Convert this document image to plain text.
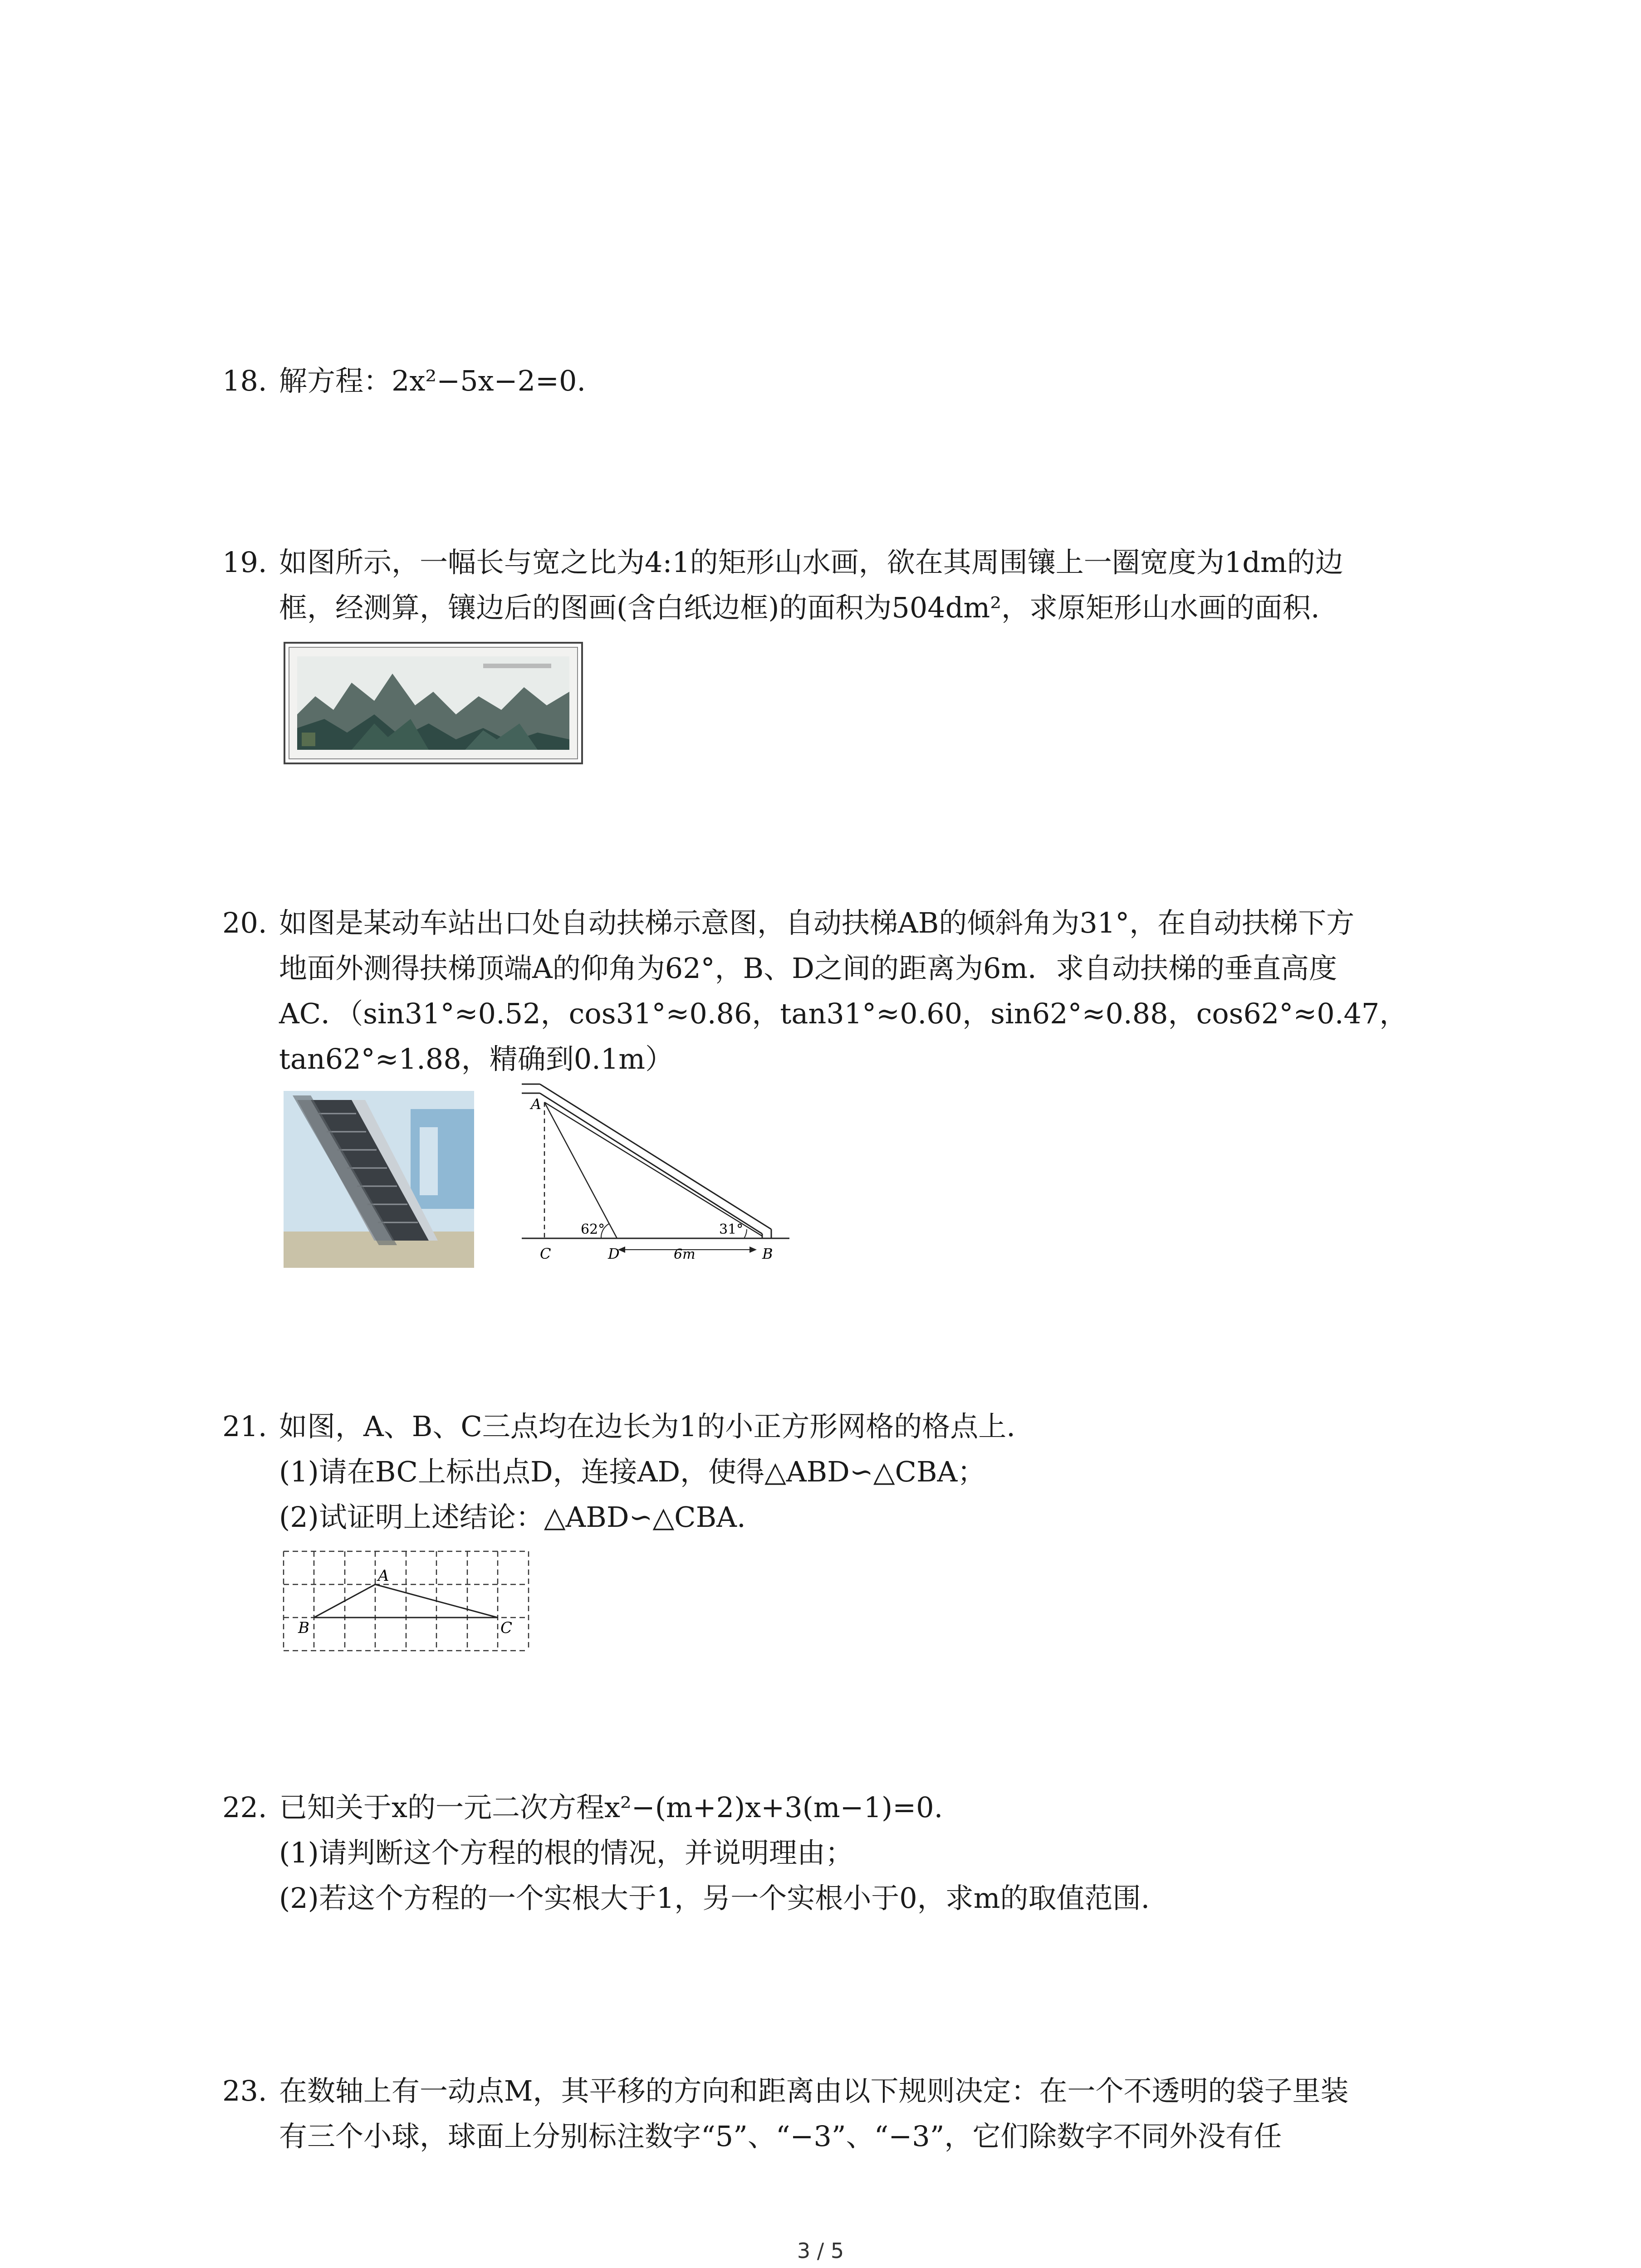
18. 解方程：2x²−5x−2=0.
19. 如图所示，一幅长与宽之比为4:1的矩形山水画，欲在其周围镶上一圈宽度为1dm的边
框，经测算，镶边后的图画(含白纸边框)的面积为504dm²，求原矩形山水画的面积.
20. 如图是某动车站出口处自动扶梯示意图，自动扶梯AB的倾斜角为31°，在自动扶梯下方
地面外测得扶梯顶端A的仰角为62°，B、D之间的距离为6m．求自动扶梯的垂直高度
AC．（sin31°≈0.52，cos31°≈0.86，tan31°≈0.60，sin62°≈0.88，cos62°≈0.47，
tan62°≈1.88，精确到0.1m）
A
C	D	B
62°	31°
6m
21. 如图，A、B、C三点均在边长为1的小正方形网格的格点上.
(1)请在BC上标出点D，连接AD，使得△ABD∽△CBA；
(2)试证明上述结论：△ABD∽△CBA.
A
B	C
22. 已知关于x的一元二次方程x²−(m+2)x+3(m−1)=0.
(1)请判断这个方程的根的情况，并说明理由；
(2)若这个方程的一个实根大于1，另一个实根小于0，求m的取值范围.
23. 在数轴上有一动点M，其平移的方向和距离由以下规则决定：在一个不透明的袋子里装
有三个小球，球面上分别标注数字“5”、“−3”、“−3”，它们除数字不同外没有任
3 / 5
